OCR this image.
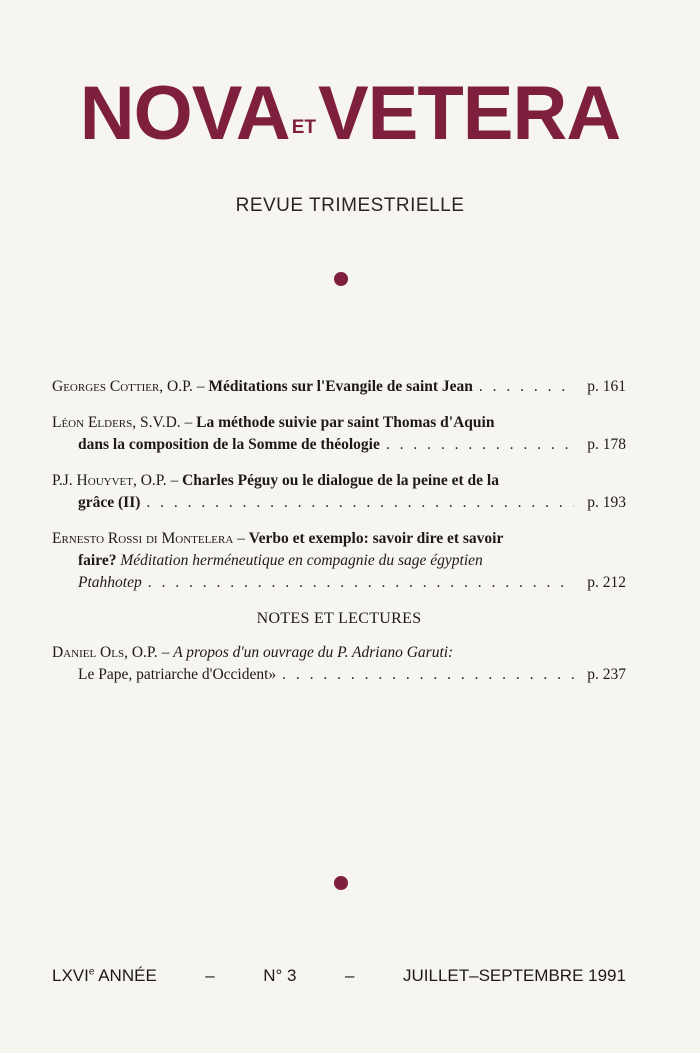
NOVA ETVETERA
REVUE TRIMESTRIELLE
Georges Cottier, O.P. – Méditations sur l'Evangile de saint Jean . . .	p. 161
Léon Elders, S.V.D. – La méthode suivie par saint Thomas d'Aquin
dans la composition de la Somme de théologie . . .	p. 178
P.J. Houyvet, O.P. – Charles Péguy ou le dialogue de la peine et de la
grâce (II) . . .	p. 193
Ernesto Rossi di Montelera – Verbo et exemplo: savoir dire et savoir
faire? Méditation herméneutique en compagnie du sage égyptien
Ptahhotep . . .	p. 212
NOTES ET LECTURES
Daniel Ols, O.P. – A propos d'un ouvrage du P. Adriano Garuti:
Le Pape, patriarche d'Occident» . . .	p. 237
LXVIe ANNÉE	–	N° 3	–	JUILLET–SEPTEMBRE 1991
